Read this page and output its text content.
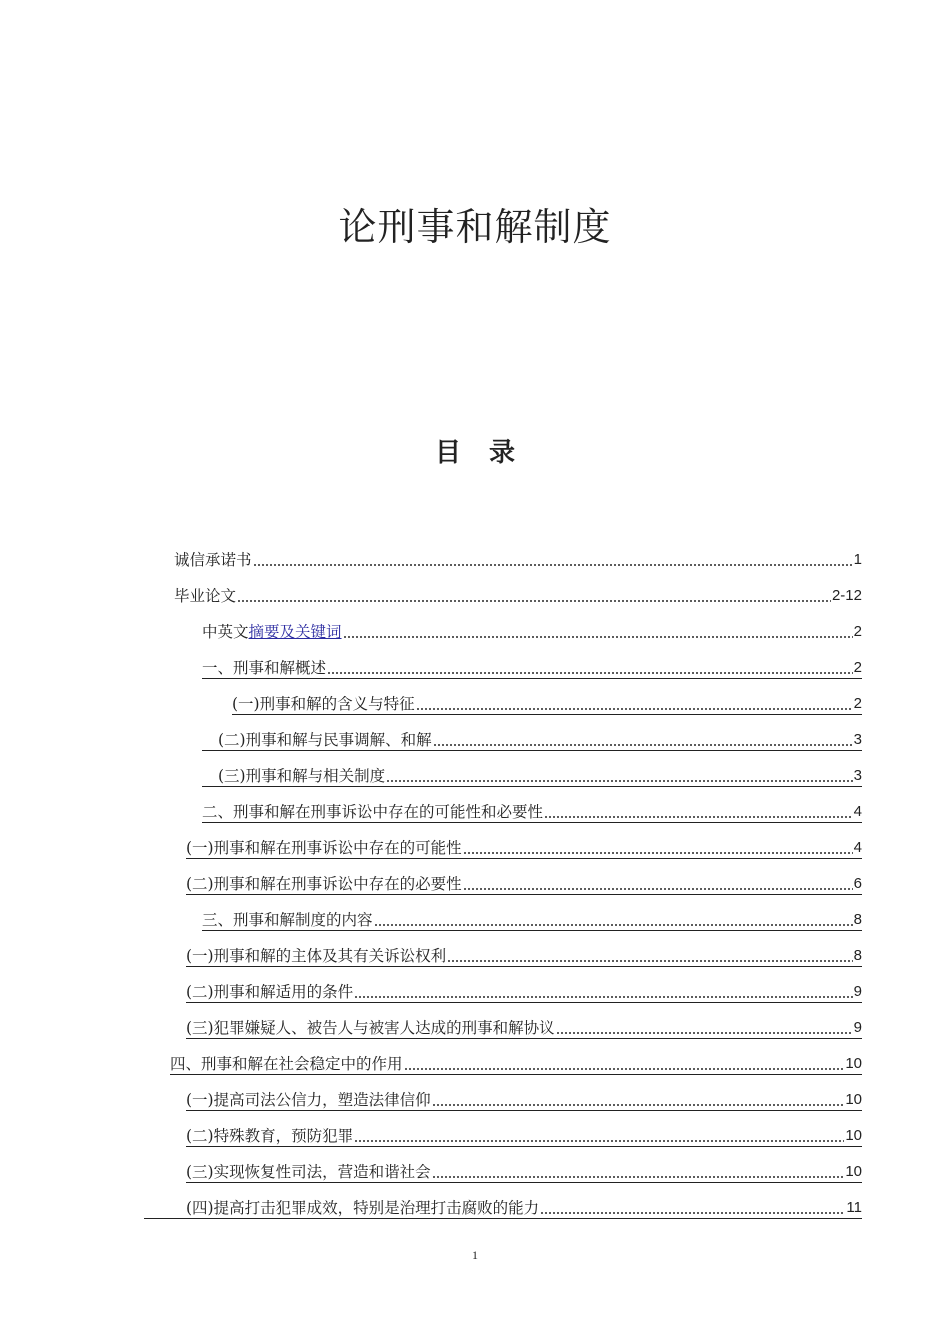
论刑事和解制度
目 录
诚信承诺书	1
毕业论文	2-12
中英文 摘要及关键词	2
一、刑事和解概述	2
(一)刑事和解的含义与特征	2
(二)刑事和解与民事调解、和解	3
(三)刑事和解与相关制度	3
二、刑事和解在刑事诉讼中存在的可能性和必要性	4
(一)刑事和解在刑事诉讼中存在的可能性	4
(二)刑事和解在刑事诉讼中存在的必要性	6
三、刑事和解制度的内容	8
(一)刑事和解的主体及其有关诉讼权利	8
(二)刑事和解适用的条件	9
(三)犯罪嫌疑人、被告人与被害人达成的刑事和解协议	9
四、刑事和解在社会稳定中的作用	10
(一)提高司法公信力，塑造法律信仰	10
(二)特殊教育，预防犯罪	10
(三)实现恢复性司法，营造和谐社会	10
(四)提高打击犯罪成效，特别是治理打击腐败的能力	11
1
